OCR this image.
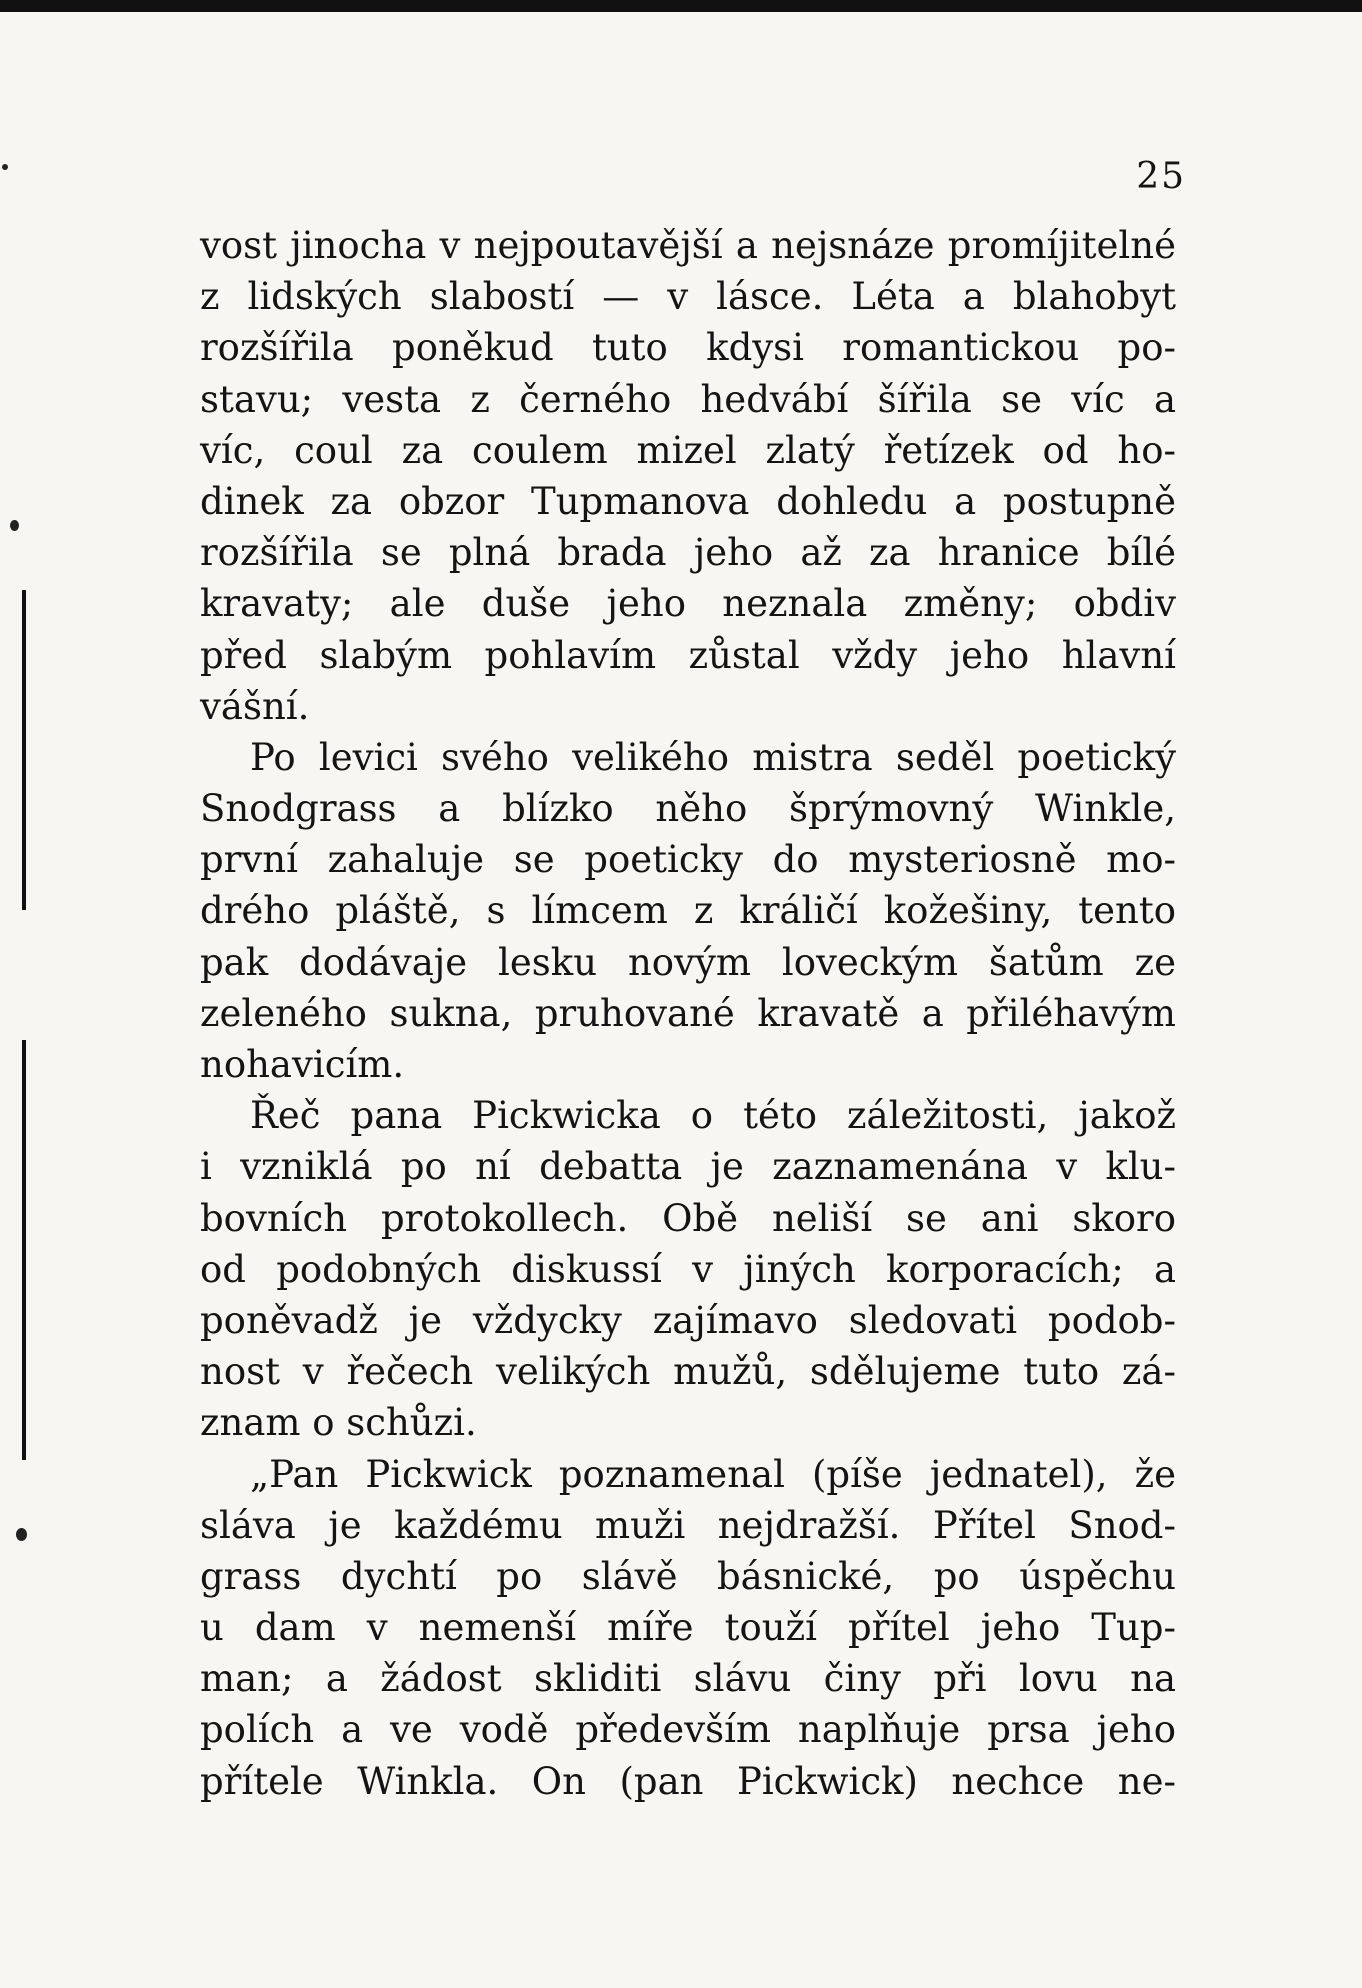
25
vost jinocha v nejpoutavější a nejsnáze promíjitelné
z lidských slabostí — v lásce. Léta a blahobyt
rozšířila poněkud tuto kdysi romantickou po-
stavu; vesta z černého hedvábí šířila se víc a
víc, coul za coulem mizel zlatý řetízek od ho-
dinek za obzor Tupmanova dohledu a postupně
rozšířila se plná brada jeho až za hranice bílé
kravaty; ale duše jeho neznala změny; obdiv
před slabým pohlavím zůstal vždy jeho hlavní
vášní.
Po levici svého velikého mistra seděl poetický
Snodgrass a blízko něho šprýmovný Winkle,
první zahaluje se poeticky do mysteriosně mo-
drého pláště, s límcem z králičí kožešiny, tento
pak dodávaje lesku novým loveckým šatům ze
zeleného sukna, pruhované kravatě a přiléhavým
nohavicím.
Řeč pana Pickwicka o této záležitosti, jakož
i vzniklá po ní debatta je zaznamenána v klu-
bovních protokollech. Obě neliší se ani skoro
od podobných diskussí v jiných korporacích; a
poněvadž je vždycky zajímavo sledovati podob-
nost v řečech velikých mužů, sdělujeme tuto zá-
znam o schůzi.
„Pan Pickwick poznamenal (píše jednatel), že
sláva je každému muži nejdražší. Přítel Snod-
grass dychtí po slávě básnické, po úspěchu
u dam v nemenší míře touží přítel jeho Tup-
man; a žádost skliditi slávu činy při lovu na
polích a ve vodě především naplňuje prsa jeho
přítele Winkla. On (pan Pickwick) nechce ne-
